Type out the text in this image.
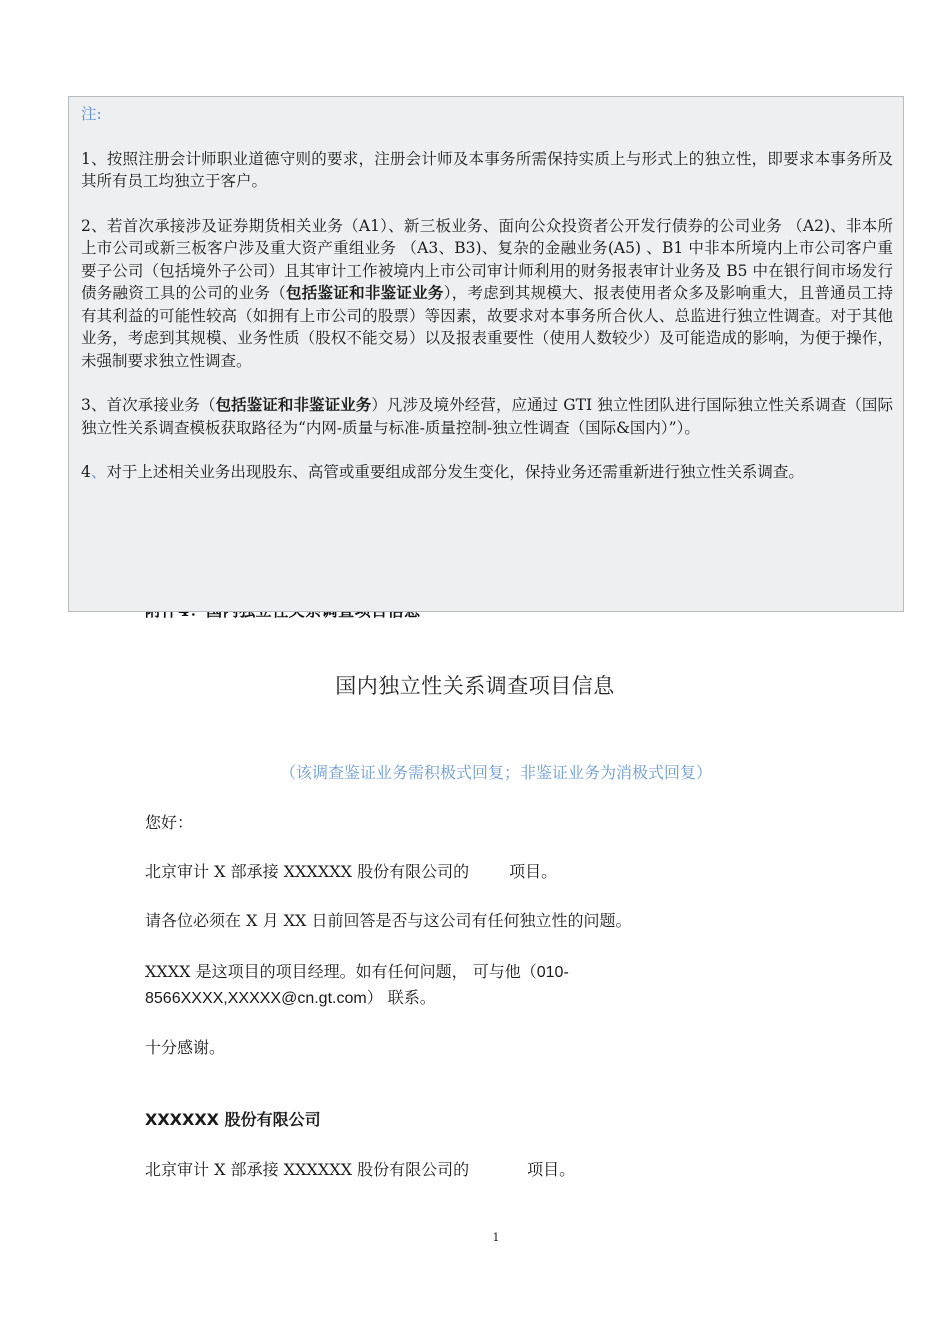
注:

1、按照注册会计师职业道德守则的要求，注册会计师及本事务所需保持实质上与形式上的独立性，即要求本事务所及其所有员工均独立于客户。

2、若首次承接涉及证券期货相关业务（A1）、新三板业务、面向公众投资者公开发行债券的公司业务 （A2)、非本所上市公司或新三板客户涉及重大资产重组业务 （A3、B3)、复杂的金融业务(A5) 、B1 中非本所境内上市公司客户重要子公司（包括境外子公司）且其审计工作被境内上市公司审计师利用的财务报表审计业务及 B5 中在银行间市场发行债务融资工具的公司的业务（包括鉴证和非鉴证业务），考虑到其规模大、报表使用者众多及影响重大，且普通员工持有其利益的可能性较高（如拥有上市公司的股票）等因素，故要求对本事务所合伙人、总监进行独立性调查。对于其他业务，考虑到其规模、业务性质（股权不能交易）以及报表重要性（使用人数较少）及可能造成的影响，为便于操作，未强制要求独立性调查。

3、首次承接业务（包括鉴证和非鉴证业务）凡涉及境外经营，应通过 GTI 独立性团队进行国际独立性关系调查（国际独立性关系调查模板获取路径为“内网-质量与标准-质量控制-独立性调查（国际&国内）”）。

4、对于上述相关业务出现股东、高管或重要组成部分发生变化，保持业务还需重新进行独立性关系调查。

国内独立性关系调查项目信息
（该调查鉴证业务需积极式回复；非鉴证业务为消极式回复）
您好：
北京审计 X 部承接 XXXXXX 股份有限公司的	项目。
请各位必须在 X 月 XX 日前回答是否与这公司有任何独立性的问题。
XXXX 是这项目的项目经理。如有任何问题， 可与他（010-8566XXXX,XXXXX@cn.gt.com） 联系。
十分感谢。
XXXXXX 股份有限公司
北京审计 X 部承接 XXXXXX 股份有限公司的	项目。
1
